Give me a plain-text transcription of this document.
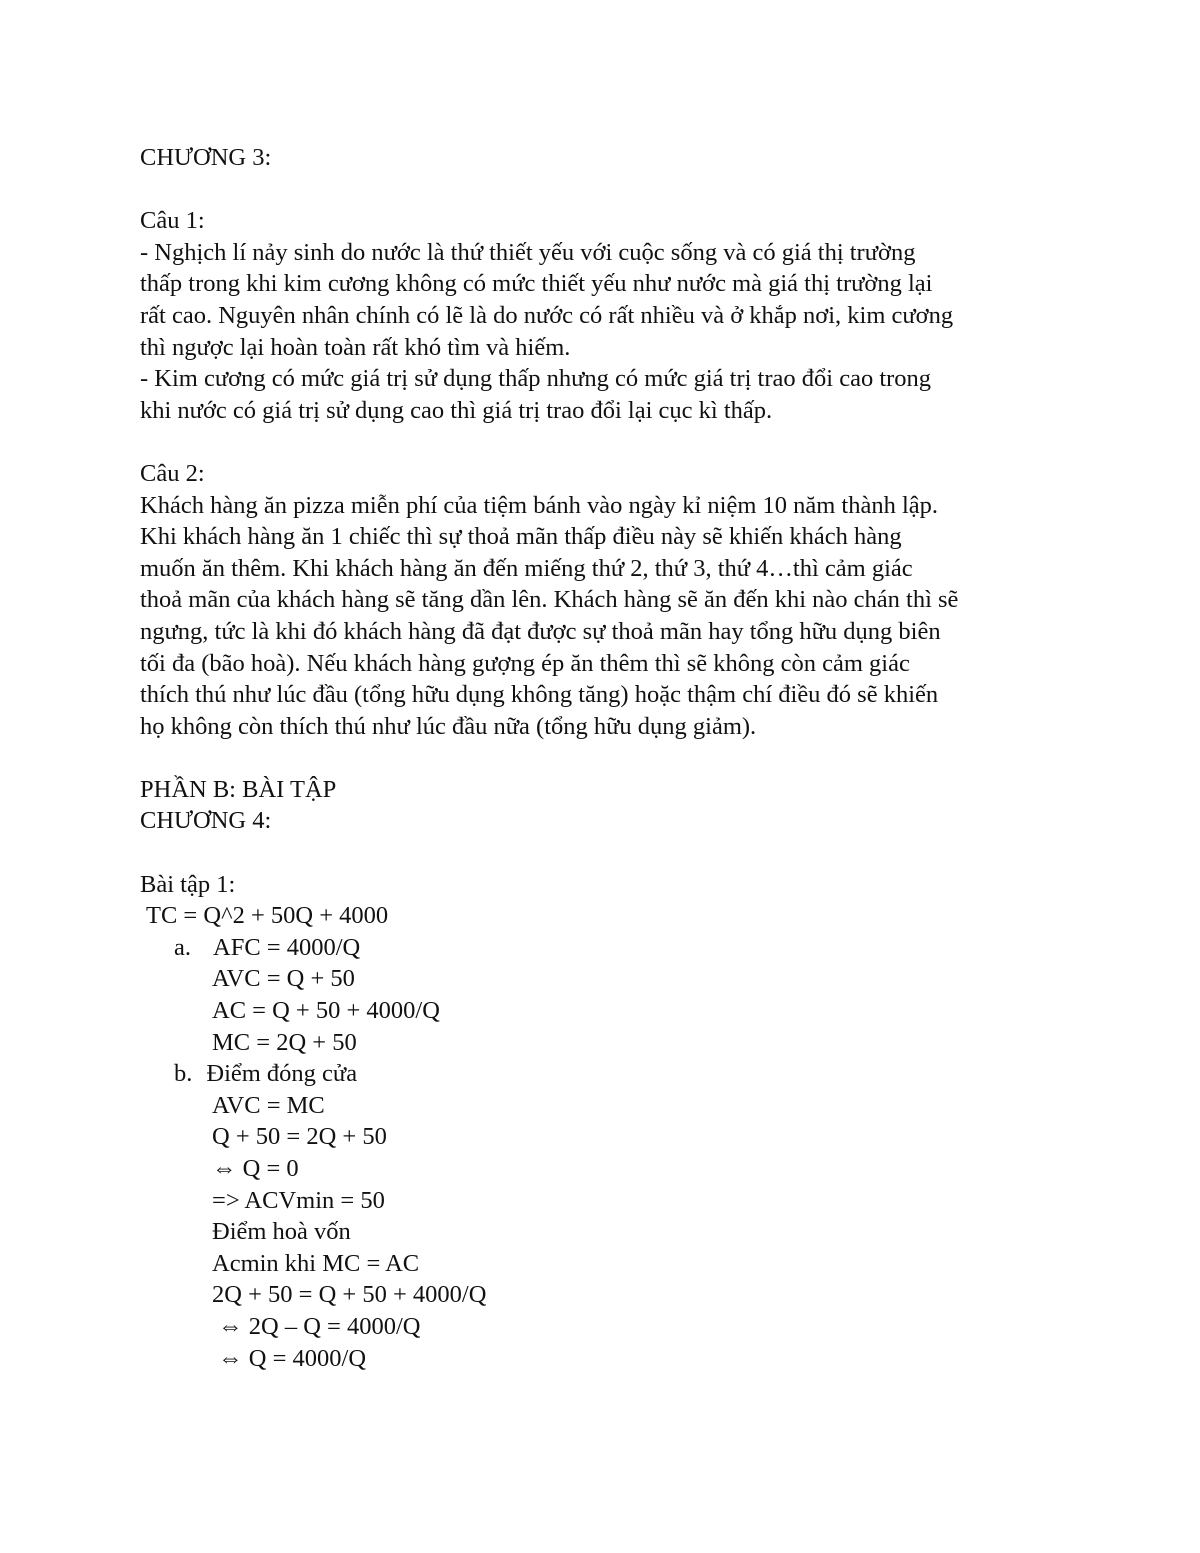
CHƯƠNG 3:

Câu 1:

- Nghịch lí nảy sinh do nước là thứ thiết yếu với cuộc sống và có giá thị trường

thấp trong khi kim cương không có mức thiết yếu như nước mà giá thị trường lại

rất cao. Nguyên nhân chính có lẽ là do nước có rất nhiều và ở khắp nơi, kim cương

thì ngược lại hoàn toàn rất khó tìm và hiếm.

- Kim cương có mức giá trị sử dụng thấp nhưng có mức giá trị trao đổi cao trong

khi nước có giá trị sử dụng cao thì giá trị trao đổi lại cục kì thấp.

Câu 2:

Khách hàng ăn pizza miễn phí của tiệm bánh vào ngày kỉ niệm 10 năm thành lập.

Khi khách hàng ăn 1 chiếc thì sự thoả mãn thấp điều này sẽ khiến khách hàng

muốn ăn thêm. Khi khách hàng ăn đến miếng thứ 2, thứ 3, thứ 4…thì cảm giác

thoả mãn của khách hàng sẽ tăng dần lên. Khách hàng sẽ ăn đến khi nào chán thì sẽ

ngưng, tức là khi đó khách hàng đã đạt được sự thoả mãn hay tổng hữu dụng biên

tối đa (bão hoà). Nếu khách hàng gượng ép ăn thêm thì sẽ không còn cảm giác

thích thú như lúc đầu (tổng hữu dụng không tăng) hoặc thậm chí điều đó sẽ khiến

họ không còn thích thú như lúc đầu nữa (tổng hữu dụng giảm).

PHẦN B: BÀI TẬP

CHƯƠNG 4:

Bài tập 1:

TC = Q^2 + 50Q + 4000

a. AFC = 4000/Q

AVC = Q + 50

AC = Q + 50 + 4000/Q

MC = 2Q + 50

b. Điểm đóng cửa

AVC = MC

Q + 50 = 2Q + 50

⇔ Q = 0

=> ACVmin = 50

Điểm hoà vốn

Acmin khi MC = AC

2Q + 50 = Q + 50 + 4000/Q

⇔ 2Q – Q = 4000/Q

⇔ Q = 4000/Q
